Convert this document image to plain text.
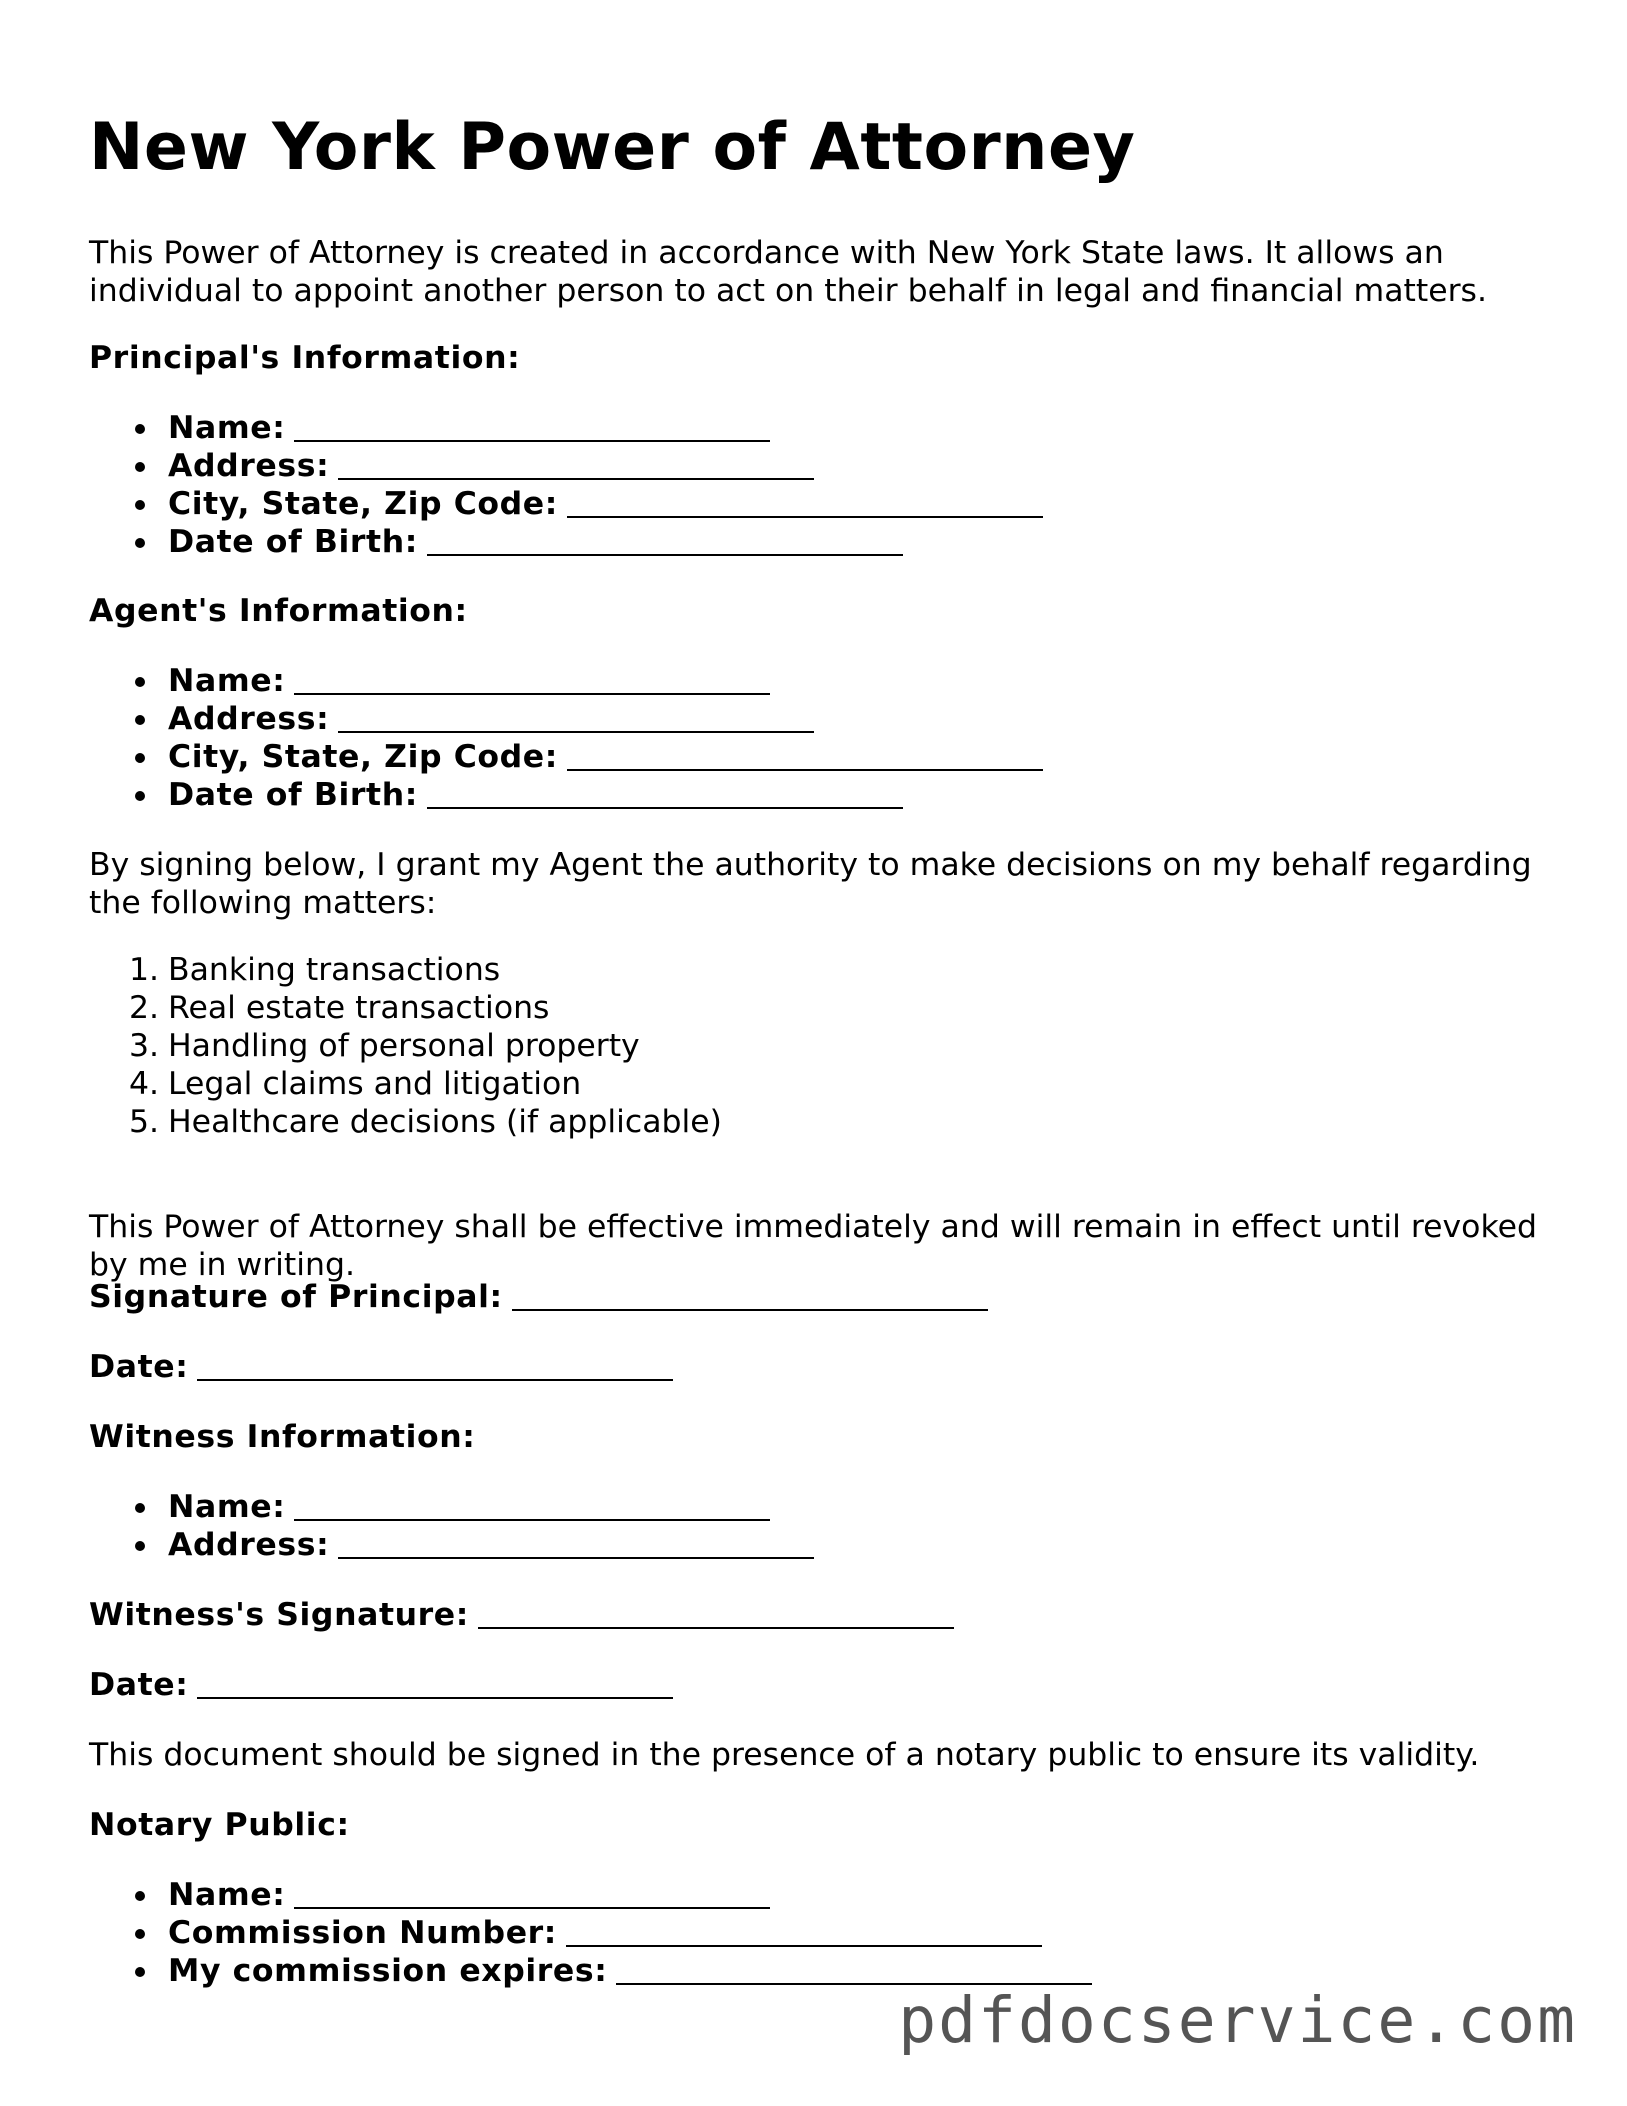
New York Power of Attorney

This Power of Attorney is created in accordance with New York State laws. It allows an individual to appoint another person to act on their behalf in legal and financial matters.

Principal's Information:

Name:
Address:
City, State, Zip Code:
Date of Birth:

Agent's Information:

Name:
Address:
City, State, Zip Code:
Date of Birth:

By signing below, I grant my Agent the authority to make decisions on my behalf regarding the following matters:

1. Banking transactions
2. Real estate transactions
3. Handling of personal property
4. Legal claims and litigation
5. Healthcare decisions (if applicable)

This Power of Attorney shall be effective immediately and will remain in effect until revoked by me in writing.

Signature of Principal:

Date:

Witness Information:

Name:
Address:

Witness's Signature:

Date:

This document should be signed in the presence of a notary public to ensure its validity.

Notary Public:

Name:
Commission Number:
My commission expires:
pdfdocservice.com
